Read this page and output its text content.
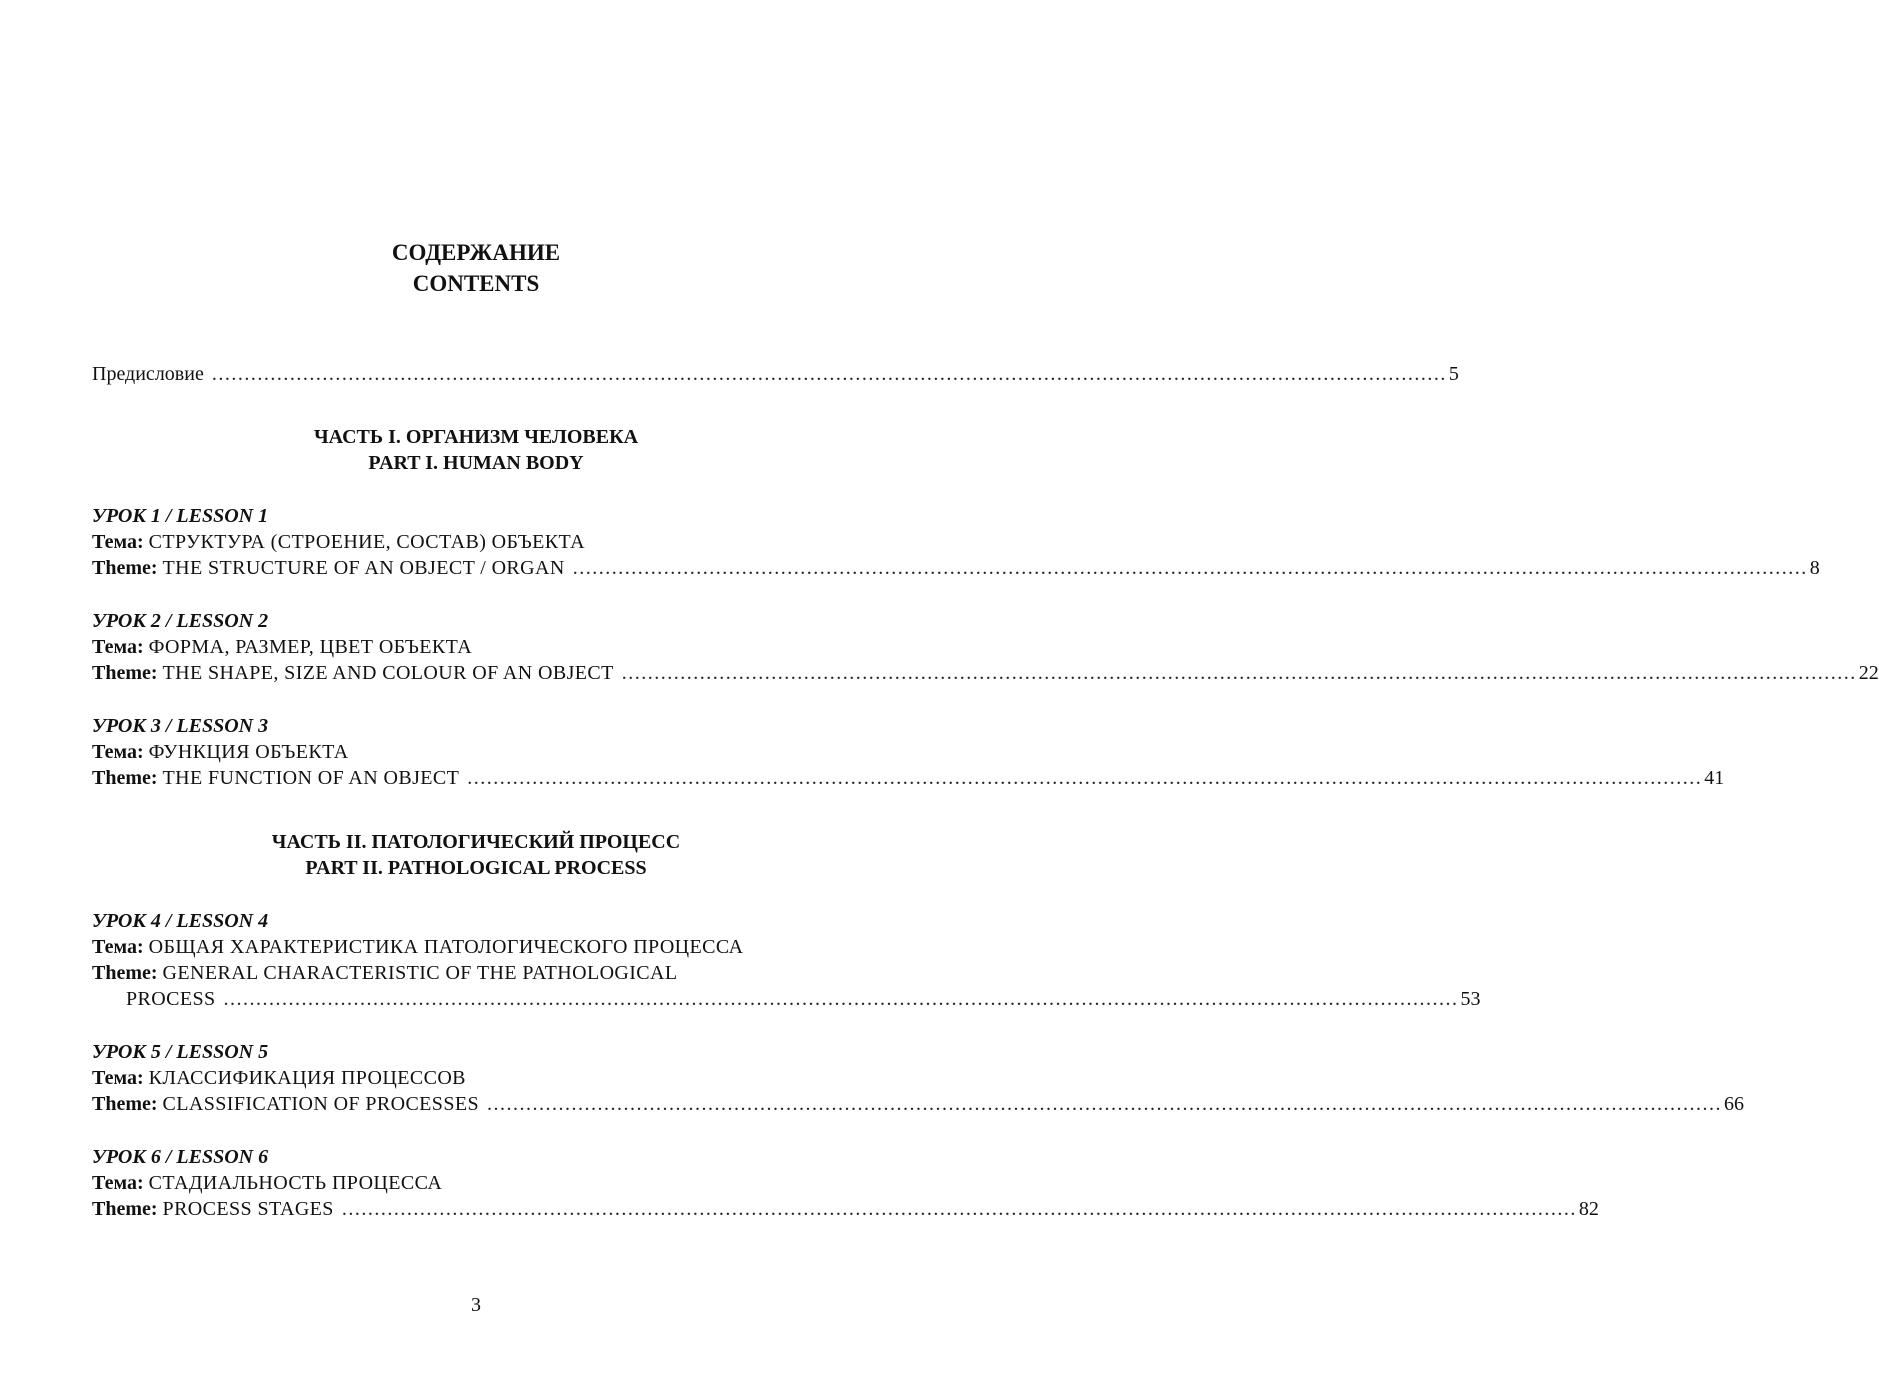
СОДЕРЖАНИЕ
CONTENTS
Предисловие .............................................................................................................................................................................................. 5
ЧАСТЬ I. ОРГАНИЗМ ЧЕЛОВЕКА
PART I. HUMAN BODY
УРОК 1 / LESSON 1
Тема: СТРУКТУРА (СТРОЕНИЕ, СОСТАВ) ОБЪЕКТА
Theme: THE STRUCTURE OF AN OBJECT / ORGAN .............................................................................................................................................................................................. 8
УРОК 2 / LESSON 2
Тема: ФОРМА, РАЗМЕР, ЦВЕТ ОБЪЕКТА
Theme: THE SHAPE, SIZE AND COLOUR OF AN OBJECT .............................................................................................................................................................................................. 22
УРОК 3 / LESSON 3
Тема: ФУНКЦИЯ ОБЪЕКТА
Theme: THE FUNCTION OF AN OBJECT .............................................................................................................................................................................................. 41
ЧАСТЬ II. ПАТОЛОГИЧЕСКИЙ ПРОЦЕСС
PART II. PATHOLOGICAL PROCESS
УРОК 4 / LESSON 4
Тема: ОБЩАЯ ХАРАКТЕРИСТИКА ПАТОЛОГИЧЕСКОГО ПРОЦЕССА
Theme: GENERAL CHARACTERISTIC OF THE PATHOLOGICAL
PROCESS .............................................................................................................................................................................................. 53
УРОК 5 / LESSON 5
Тема: КЛАССИФИКАЦИЯ ПРОЦЕССОВ
Theme: CLASSIFICATION OF PROCESSES .............................................................................................................................................................................................. 66
УРОК 6 / LESSON 6
Тема: СТАДИАЛЬНОСТЬ ПРОЦЕССА
Theme: PROCESS STAGES .............................................................................................................................................................................................. 82
3
